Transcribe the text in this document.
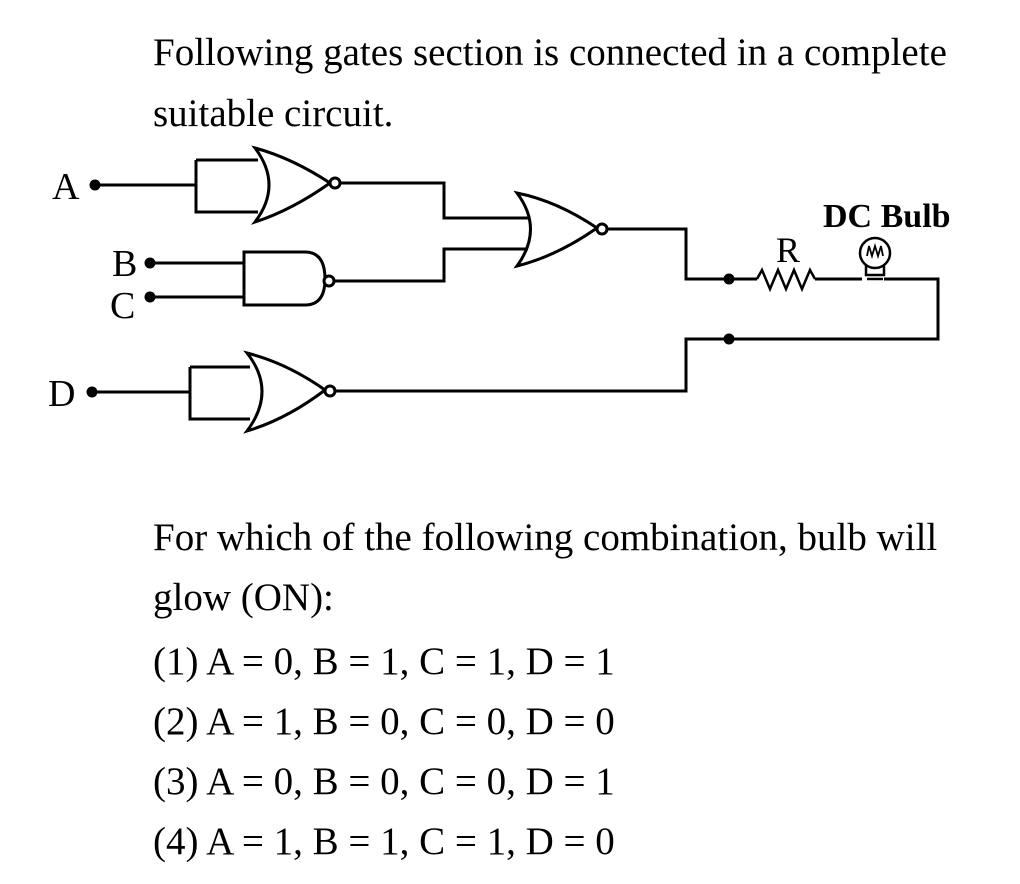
Following gates section is connected in a complete
suitable circuit.

A
B
C
D
R
DC Bulb

For which of the following combination, bulb will
glow (ON):

(1) A = 0, B = 1, C = 1, D = 1
(2) A = 1, B = 0, C = 0, D = 0
(3) A = 0, B = 0, C = 0, D = 1
(4) A = 1, B = 1, C = 1, D = 0
